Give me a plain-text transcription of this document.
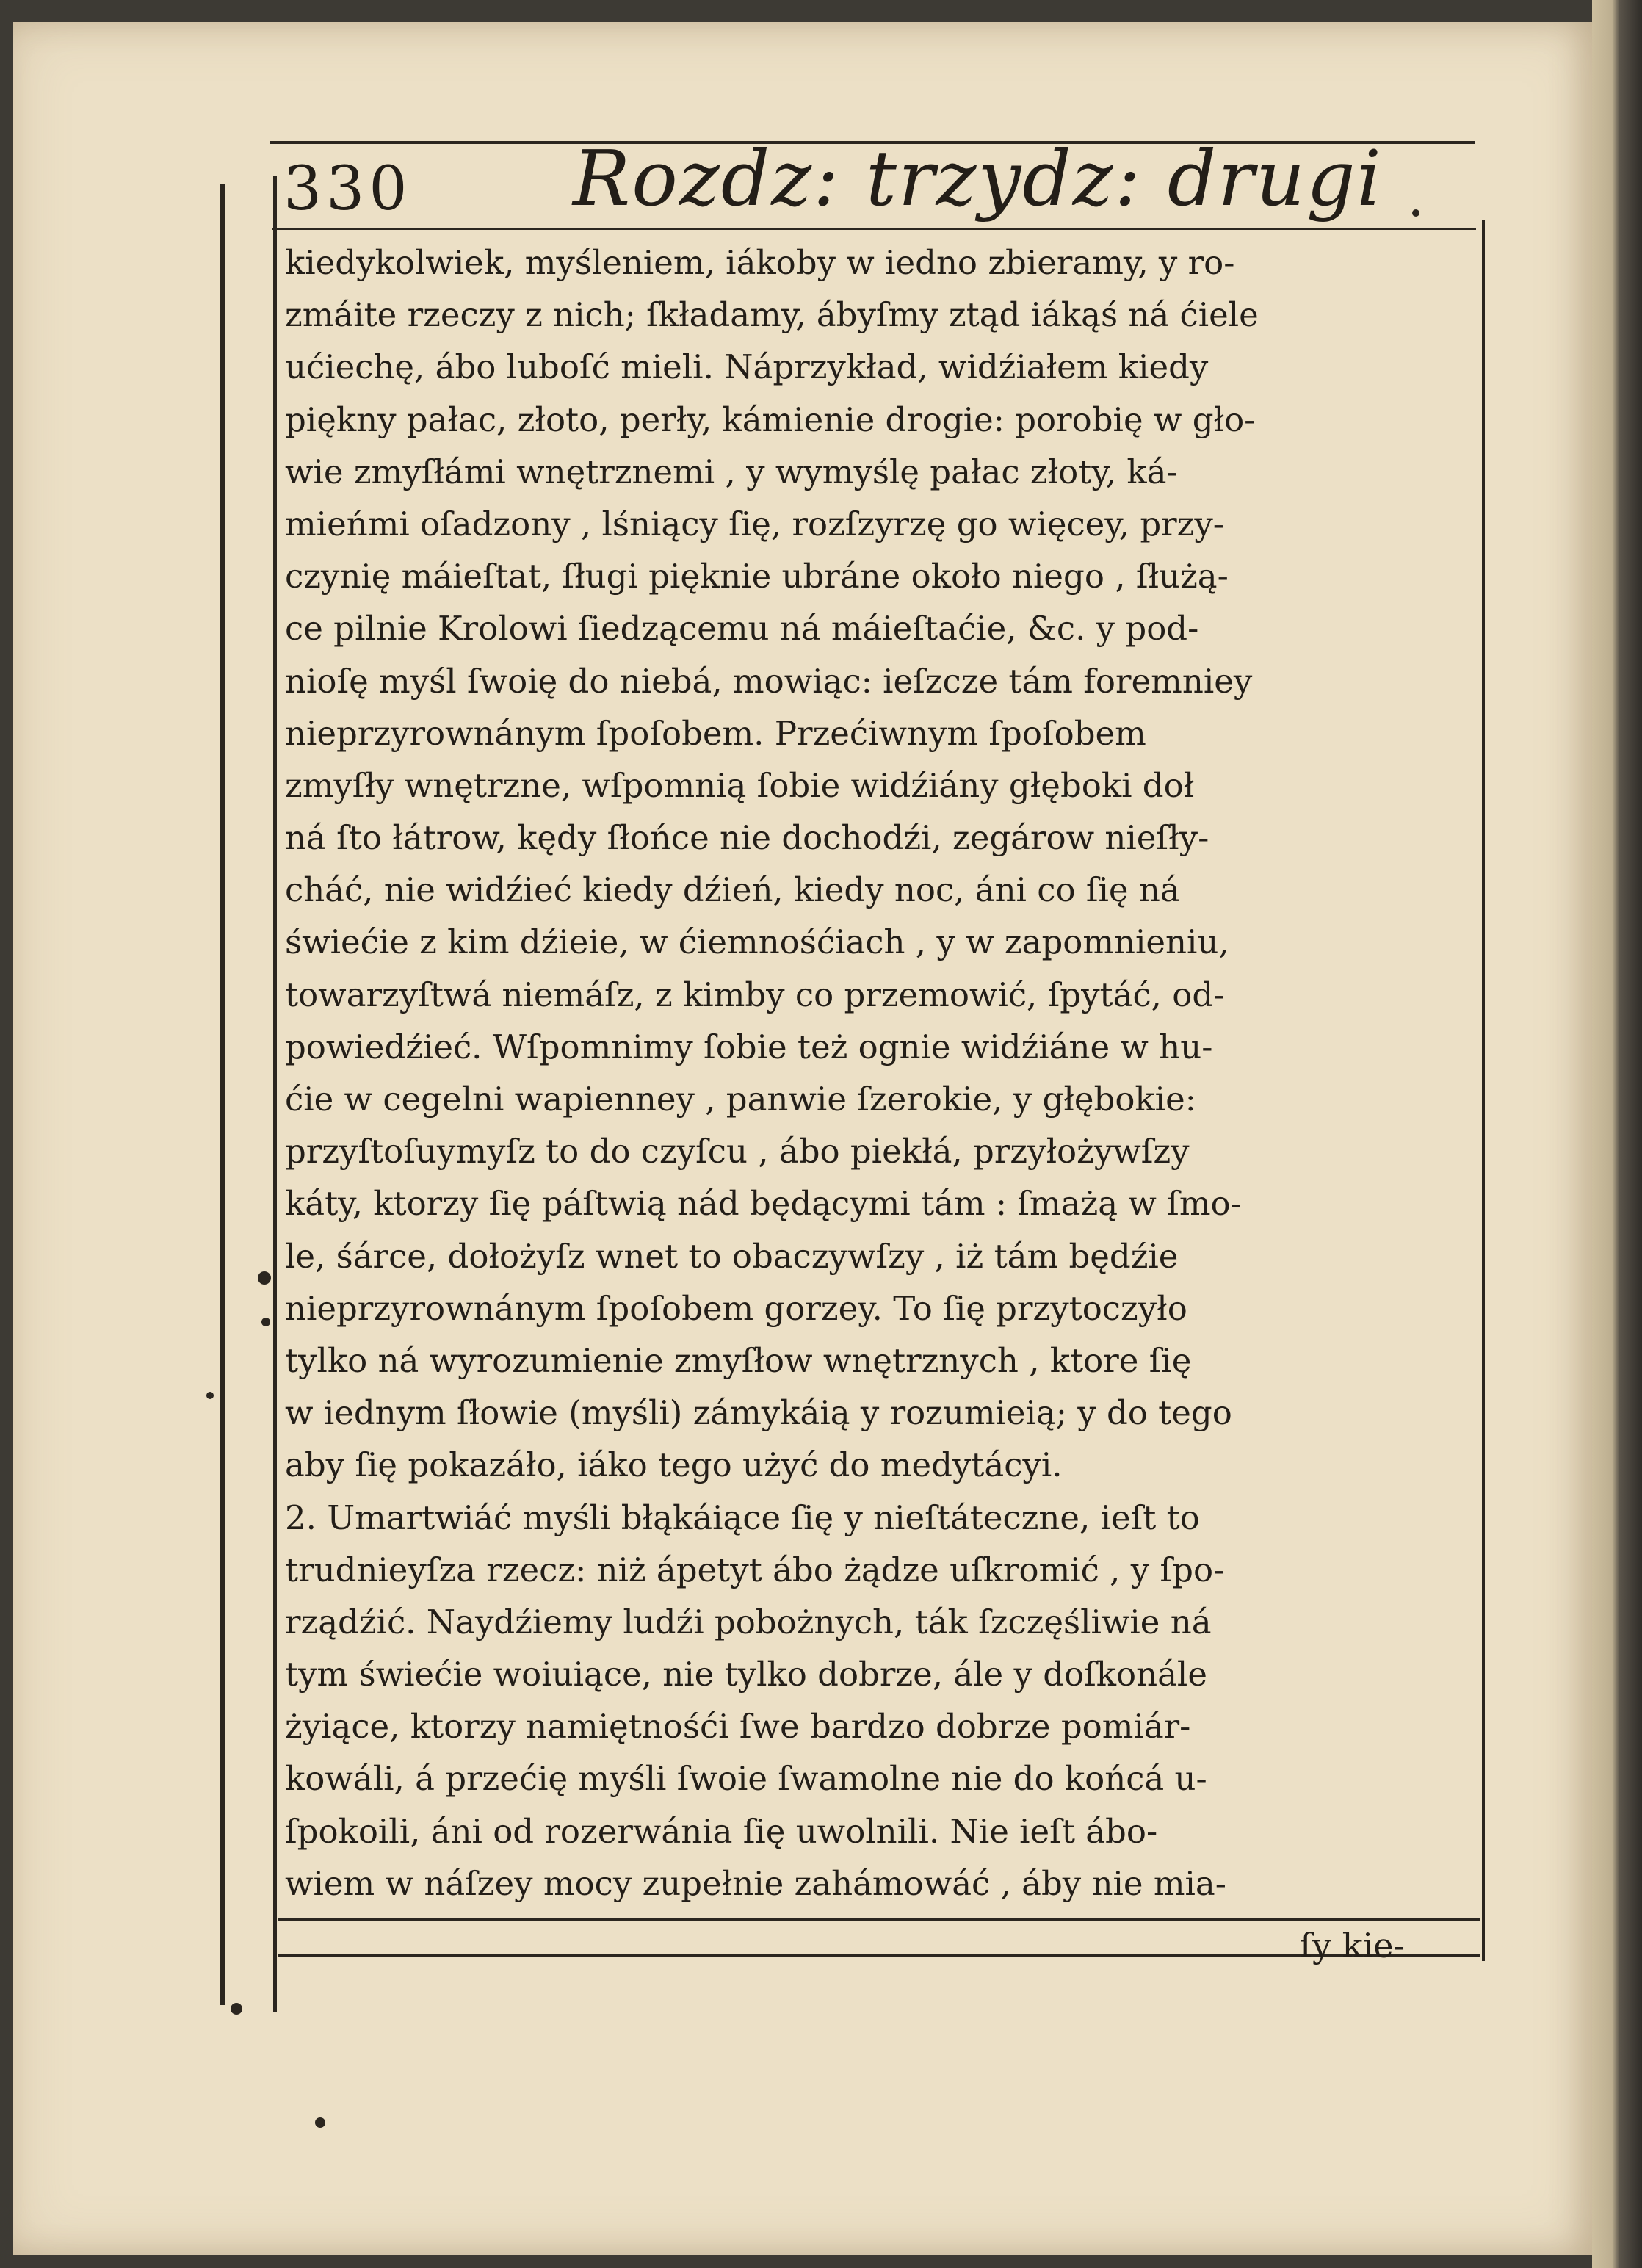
330 Rozdz: trzydz: drugi
kiedykolwiek, myśleniem, iákoby w iedno zbieramy, y ro-
zmáite rzeczy z nich; ſkładamy, ábyſmy ztąd iákąś ná ćiele
ućiechę, ábo luboſć mieli. Náprzykład, widźiałem kiedy
piękny pałac, złoto, perły, kámienie drogie: porobię w gło-
wie zmyſłámi wnętrznemi , y wymyślę pałac złoty, ká-
mieńmi oſadzony , lśniący ſię, rozſzyrzę go więcey, przy-
czynię máieſtat, ſługi pięknie ubráne około niego , ſłużą-
ce pilnie Krolowi ſiedzącemu ná máieſtaćie, &c. y pod-
nioſę myśl ſwoię do niebá, mowiąc: ieſzcze tám foremniey
nieprzyrownánym ſpoſobem. Przećiwnym ſpoſobem
zmyſły wnętrzne, wſpomnią ſobie widźiány głęboki doł
ná ſto łátrow, kędy ſłońce nie dochodźi, zegárow nieſły-
cháć, nie widźieć kiedy dźień, kiedy noc, áni co ſię ná
świećie z kim dźieie, w ćiemnośćiach , y w zapomnieniu,
towarzyſtwá niemáſz, z kimby co przemowić, ſpytáć, od-
powiedźieć. Wſpomnimy ſobie też ognie widźiáne w hu-
ćie w cegelni wapienney , panwie ſzerokie, y głębokie:
przyſtoſuymyſz to do czyſcu , ábo piekłá, przyłożywſzy
káty, ktorzy ſię páſtwią nád będącymi tám : ſmażą w ſmo-
le, śárce, dołożyſz wnet to obaczywſzy , iż tám będźie
nieprzyrownánym ſpoſobem gorzey. To ſię przytoczyło
tylko ná wyrozumienie zmyſłow wnętrznych , ktore ſię
w iednym ſłowie (myśli) zámykáią y rozumieią; y do tego
aby ſię pokazáło, iáko tego użyć do medytácyi.
2. Umartwiáć myśli błąkáiące ſię y nieſtáteczne, ieſt to
trudnieyſza rzecz: niż ápetyt ábo żądze uſkromić , y ſpo-
rządźić. Naydźiemy ludźi pobożnych, ták ſzczęśliwie ná
tym świećie woiuiące, nie tylko dobrze, ále y doſkonále
żyiące, ktorzy namiętnośći ſwe bardzo dobrze pomiár-
kowáli, á przećię myśli ſwoie ſwamolne nie do końcá u-
ſpokoili, áni od rozerwánia ſię uwolnili. Nie ieſt ábo-
wiem w náſzey mocy zupełnie zahámowáć , áby nie mia-
ſy kie-
